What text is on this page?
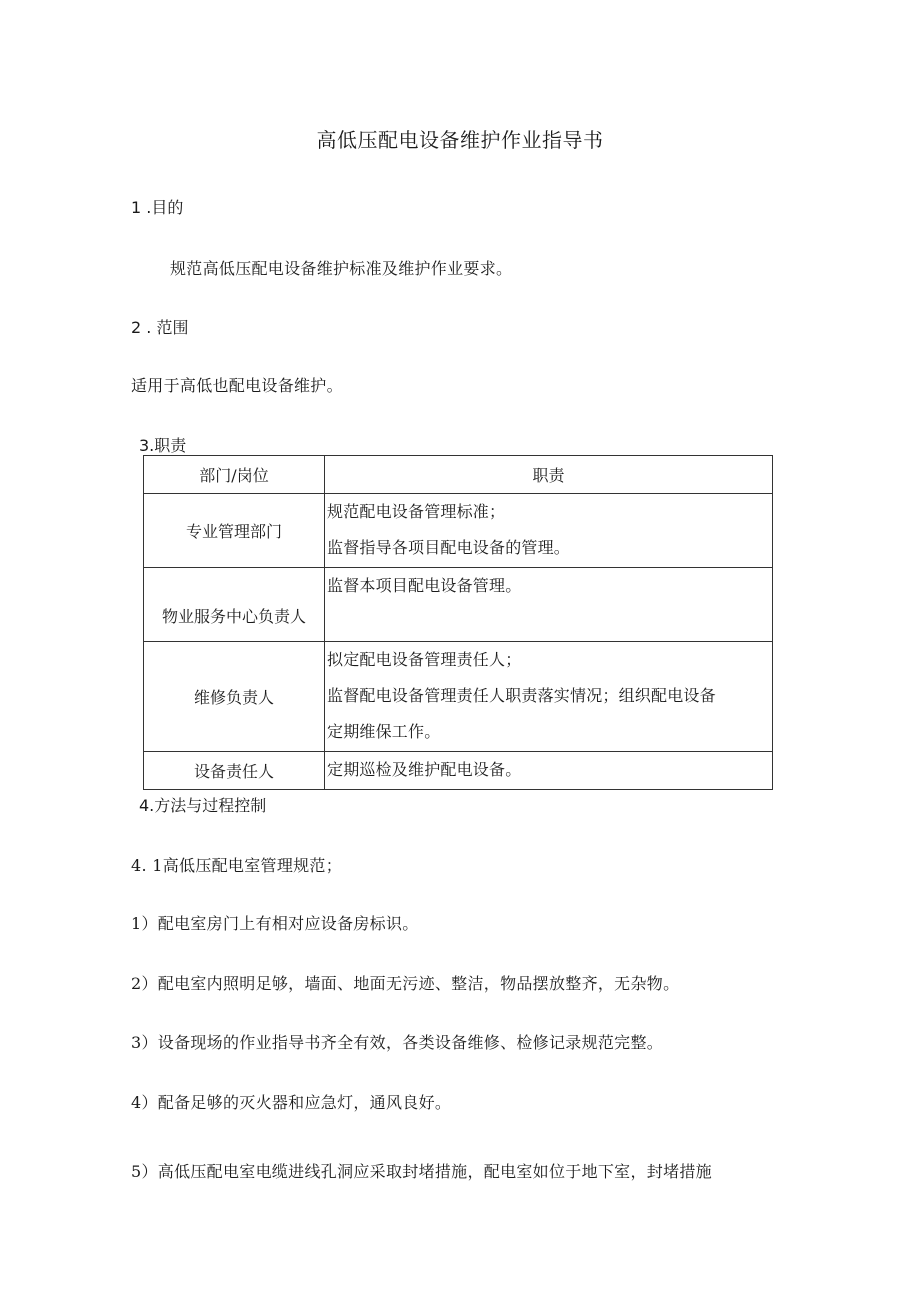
高低压配电设备维护作业指导书
1 .目的
规范高低压配电设备维护标准及维护作业要求。
2 . 范围
适用于高低也配电设备维护。
3.职责
部门/岗位	职责
专业管理部门	规范配电设备管理标准；
监督指导各项目配电设备的管理。

物业服务中心负责人	监督本项目配电设备管理。

维修负责人	拟定配电设备管理责任人；
监督配电设备管理责任人职责落实情况；组织配电设备
定期维保工作。

设备责任人	定期巡检及维护配电设备。
4.方法与过程控制
4. 1高低压配电室管理规范；
1）配电室房门上有相对应设备房标识。
2）配电室内照明足够，墙面、地面无污迹、整洁，物品摆放整齐，无杂物。
3）设备现场的作业指导书齐全有效，各类设备维修、检修记录规范完整。
4）配备足够的灭火器和应急灯，通风良好。
5）高低压配电室电缆进线孔洞应采取封堵措施，配电室如位于地下室，封堵措施
